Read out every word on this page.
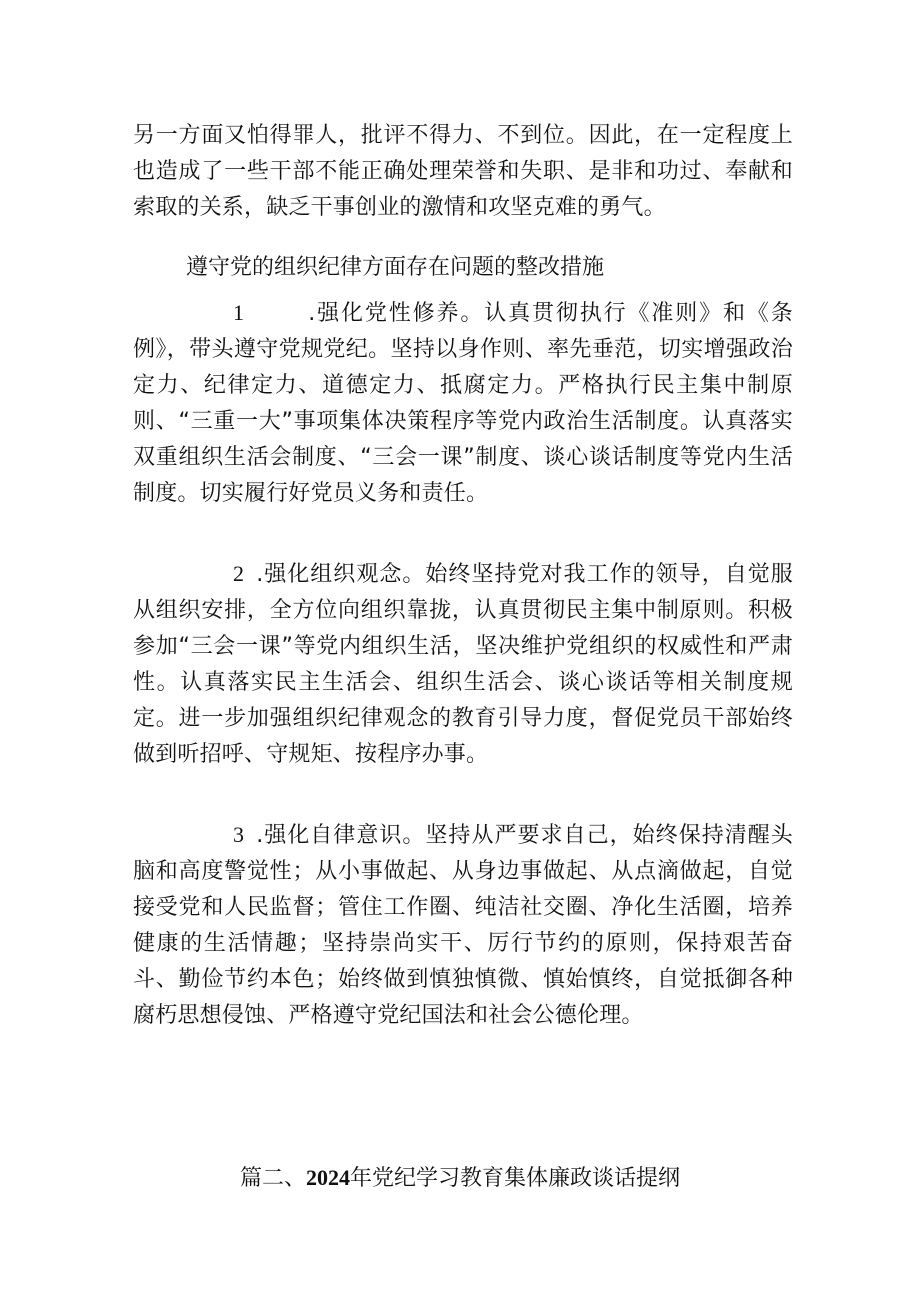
另一方面又怕得罪人，批评不得力、不到位。因此，在一定程度上也造成了一些干部不能正确处理荣誉和失职、是非和功过、奉献和索取的关系，缺乏干事创业的激情和攻坚克难的勇气。

遵守党的组织纪律方面存在问题的整改措施

1	.强化党性修养。认真贯彻执行《准则》和《条例》，带头遵守党规党纪。坚持以身作则、率先垂范，切实增强政治定力、纪律定力、道德定力、抵腐定力。严格执行民主集中制原则、“三重一大”事项集体决策程序等党内政治生活制度。认真落实双重组织生活会制度、“三会一课”制度、谈心谈话制度等党内生活制度。切实履行好党员义务和责任。

2 .强化组织观念。始终坚持党对我工作的领导，自觉服从组织安排，全方位向组织靠拢，认真贯彻民主集中制原则。积极参加“三会一课”等党内组织生活，坚决维护党组织的权威性和严肃性。认真落实民主生活会、组织生活会、谈心谈话等相关制度规定。进一步加强组织纪律观念的教育引导力度，督促党员干部始终做到听招呼、守规矩、按程序办事。

3 .强化自律意识。坚持从严要求自己，始终保持清醒头脑和高度警觉性；从小事做起、从身边事做起、从点滴做起，自觉接受党和人民监督；管住工作圈、纯洁社交圈、净化生活圈，培养健康的生活情趣；坚持崇尚实干、厉行节约的原则，保持艰苦奋斗、勤俭节约本色；始终做到慎独慎微、慎始慎终，自觉抵御各种腐朽思想侵蚀、严格遵守党纪国法和社会公德伦理。

篇二、2024年党纪学习教育集体廉政谈话提纲
